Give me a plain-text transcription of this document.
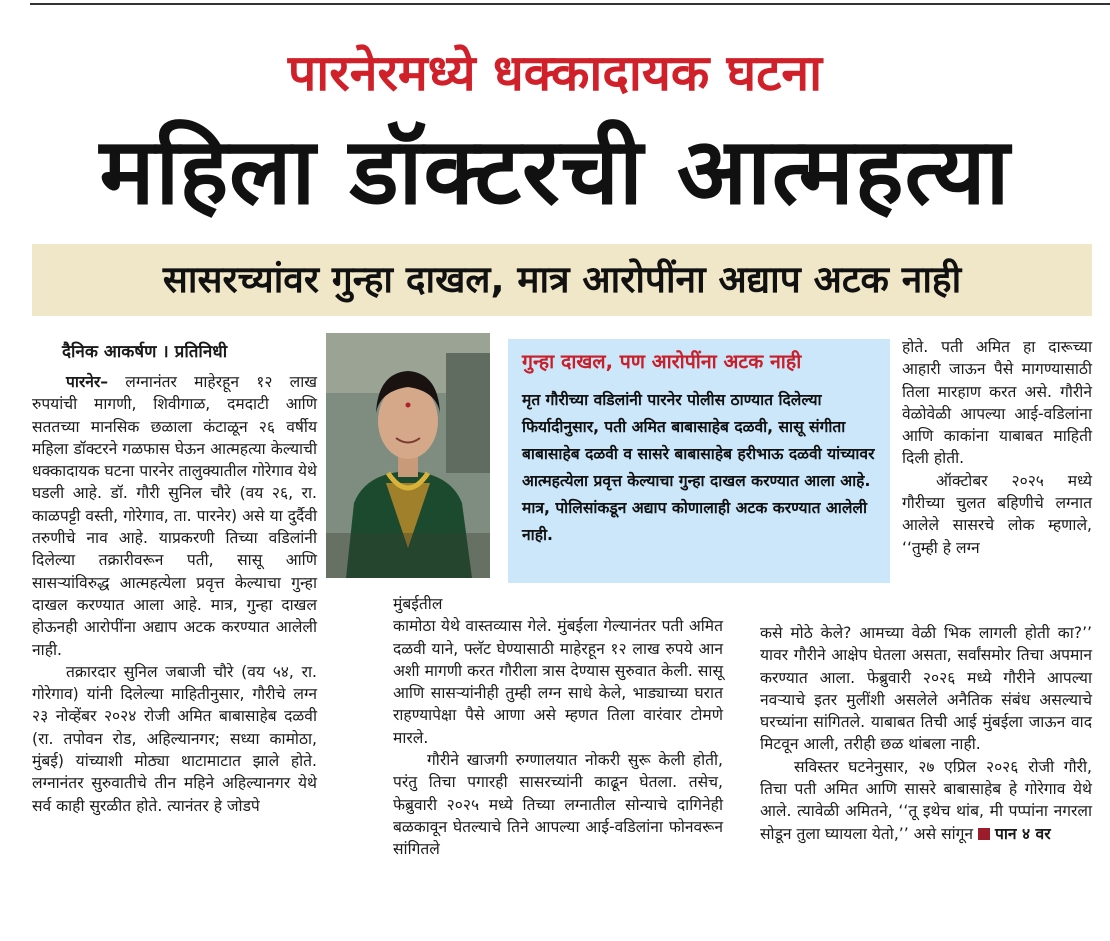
पारनेरमध्ये धक्कादायक घटना
महिला डॉक्टरची आत्महत्या
सासरच्यांवर गुन्हा दाखल, मात्र आरोपींना अद्याप अटक नाही
दैनिक आकर्षण । प्रतिनिधी

पारनेर– लग्नानंतर माहेरहून १२ लाख रुपयांची मागणी, शिवीगाळ, दमदाटी आणि सततच्या मानसिक छळाला कंटाळून २६ वर्षीय महिला डॉक्टरने गळफास घेऊन आत्महत्या केल्याची धक्कादायक घटना पारनेर तालुक्यातील गोरेगाव येथे घडली आहे. डॉ. गौरी सुनिल चौरे (वय २६, रा. काळपट्टी वस्ती, गोरेगाव, ता. पारनेर) असे या दुर्दैवी तरुणीचे नाव आहे. याप्रकरणी तिच्या वडिलांनी दिलेल्या तक्रारीवरून पती, सासू आणि सासऱ्यांविरुद्ध आत्महत्येला प्रवृत्त केल्याचा गुन्हा दाखल करण्यात आला आहे. मात्र, गुन्हा दाखल होऊनही आरोपींना अद्याप अटक करण्यात आलेली नाही.

तक्रारदार सुनिल जबाजी चौरे (वय ५४, रा. गोरेगाव) यांनी दिलेल्या माहितीनुसार, गौरीचे लग्न २३ नोव्हेंबर २०२४ रोजी अमित बाबासाहेब दळवी (रा. तपोवन रोड, अहिल्यानगर; सध्या कामोठा, मुंबई) यांच्याशी मोठ्या थाटामाटात झाले होते. लग्नानंतर सुरुवातीचे तीन महिने अहिल्यानगर येथे सर्व काही सुरळीत होते. त्यानंतर हे जोडपे

गुन्हा दाखल, पण आरोपींना अटक नाही
मृत गौरीच्या वडिलांनी पारनेर पोलीस ठाण्यात दिलेल्या फिर्यादीनुसार, पती अमित बाबासाहेब दळवी, सासू संगीता बाबासाहेब दळवी व सासरे बाबासाहेब हरीभाऊ दळवी यांच्यावर आत्महत्येला प्रवृत्त केल्याचा गुन्हा दाखल करण्यात आला आहे. मात्र, पोलिसांकडून अद्याप कोणालाही अटक करण्यात आलेली नाही.

मुंबईतील

कामोठा येथे वास्तव्यास गेले. मुंबईला गेल्यानंतर पती अमित दळवी याने, फ्लॅट घेण्यासाठी माहेरहून १२ लाख रुपये आन अशी मागणी करत गौरीला त्रास देण्यास सुरुवात केली. सासू आणि सासऱ्यांनीही तुम्ही लग्न साधे केले, भाड्याच्या घरात राहण्यापेक्षा पैसे आणा असे म्हणत तिला वारंवार टोमणे मारले.

गौरीने खाजगी रुग्णालयात नोकरी सुरू केली होती, परंतु तिचा पगारही सासरच्यांनी काढून घेतला. तसेच, फेब्रुवारी २०२५ मध्ये तिच्या लग्नातील सोन्याचे दागिनेही बळकावून घेतल्याचे तिने आपल्या आई-वडिलांना फोनवरून सांगितले

होते. पती अमित हा दारूच्या आहारी जाऊन पैसे मागण्यासाठी तिला मारहाण करत असे. गौरीने वेळोवेळी आपल्या आई-वडिलांना आणि काकांना याबाबत माहिती दिली होती.

ऑक्टोबर २०२५ मध्ये गौरीच्या चुलत बहिणीचे लग्नात आलेले सासरचे लोक म्हणाले, ‘‘तुम्ही हे लग्न

कसे मोठे केले? आमच्या वेळी भिक लागली होती का?’’ यावर गौरीने आक्षेप घेतला असता, सर्वांसमोर तिचा अपमान करण्यात आला. फेब्रुवारी २०२६ मध्ये गौरीने आपल्या नवऱ्याचे इतर मुलींशी असलेले अनैतिक संबंध असल्याचे घरच्यांना सांगितले. याबाबत तिची आई मुंबईला जाऊन वाद मिटवून आली, तरीही छळ थांबला नाही.

सविस्तर घटनेनुसार, २७ एप्रिल २०२६ रोजी गौरी, तिचा पती अमित आणि सासरे बाबासाहेब हे गोरेगाव येथे आले. त्यावेळी अमितने, ‘‘तू इथेच थांब, मी पप्पांना नगरला सोडून तुला घ्यायला येतो,’’ असे सांगून पान ४ वर
